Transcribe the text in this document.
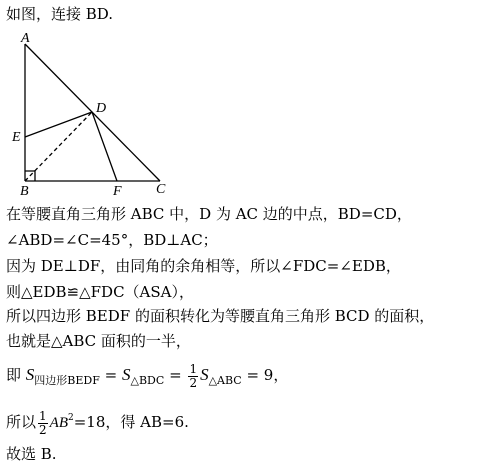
如图，连接 BD.
A
B	C
D
E
F
在等腰直角三角形 ABC 中，D 为 AC 边的中点，BD=CD，
∠ABD=∠C=45°，BD⊥AC；
因为 DE⊥DF，由同角的余角相等，所以∠FDC=∠EDB，
则△EDB≌△FDC（ASA），
所以四边形 BEDF 的面积转化为等腰直角三角形 BCD 的面积，
也就是△ABC 面积的一半，
即 $S_{四边形BEDF} = S_{\triangle BDC} = \frac{1}{2} S_{\triangle ABC} = 9$，
所以 $\frac{1}{2} AB^2=18$，得 AB=6.
故选 B.
